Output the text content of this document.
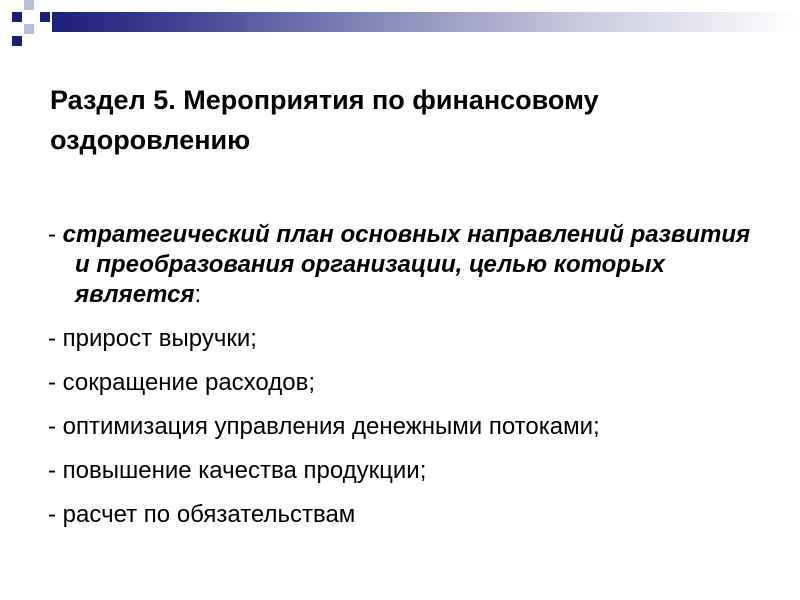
Раздел 5. Мероприятия по финансовому оздоровлению

- стратегический план основных направлений развития и преобразования организации, целью которых является:

- прирост выручки;

- сокращение расходов;

- оптимизация управления денежными потоками;

- повышение качества продукции;

- расчет по обязательствам
